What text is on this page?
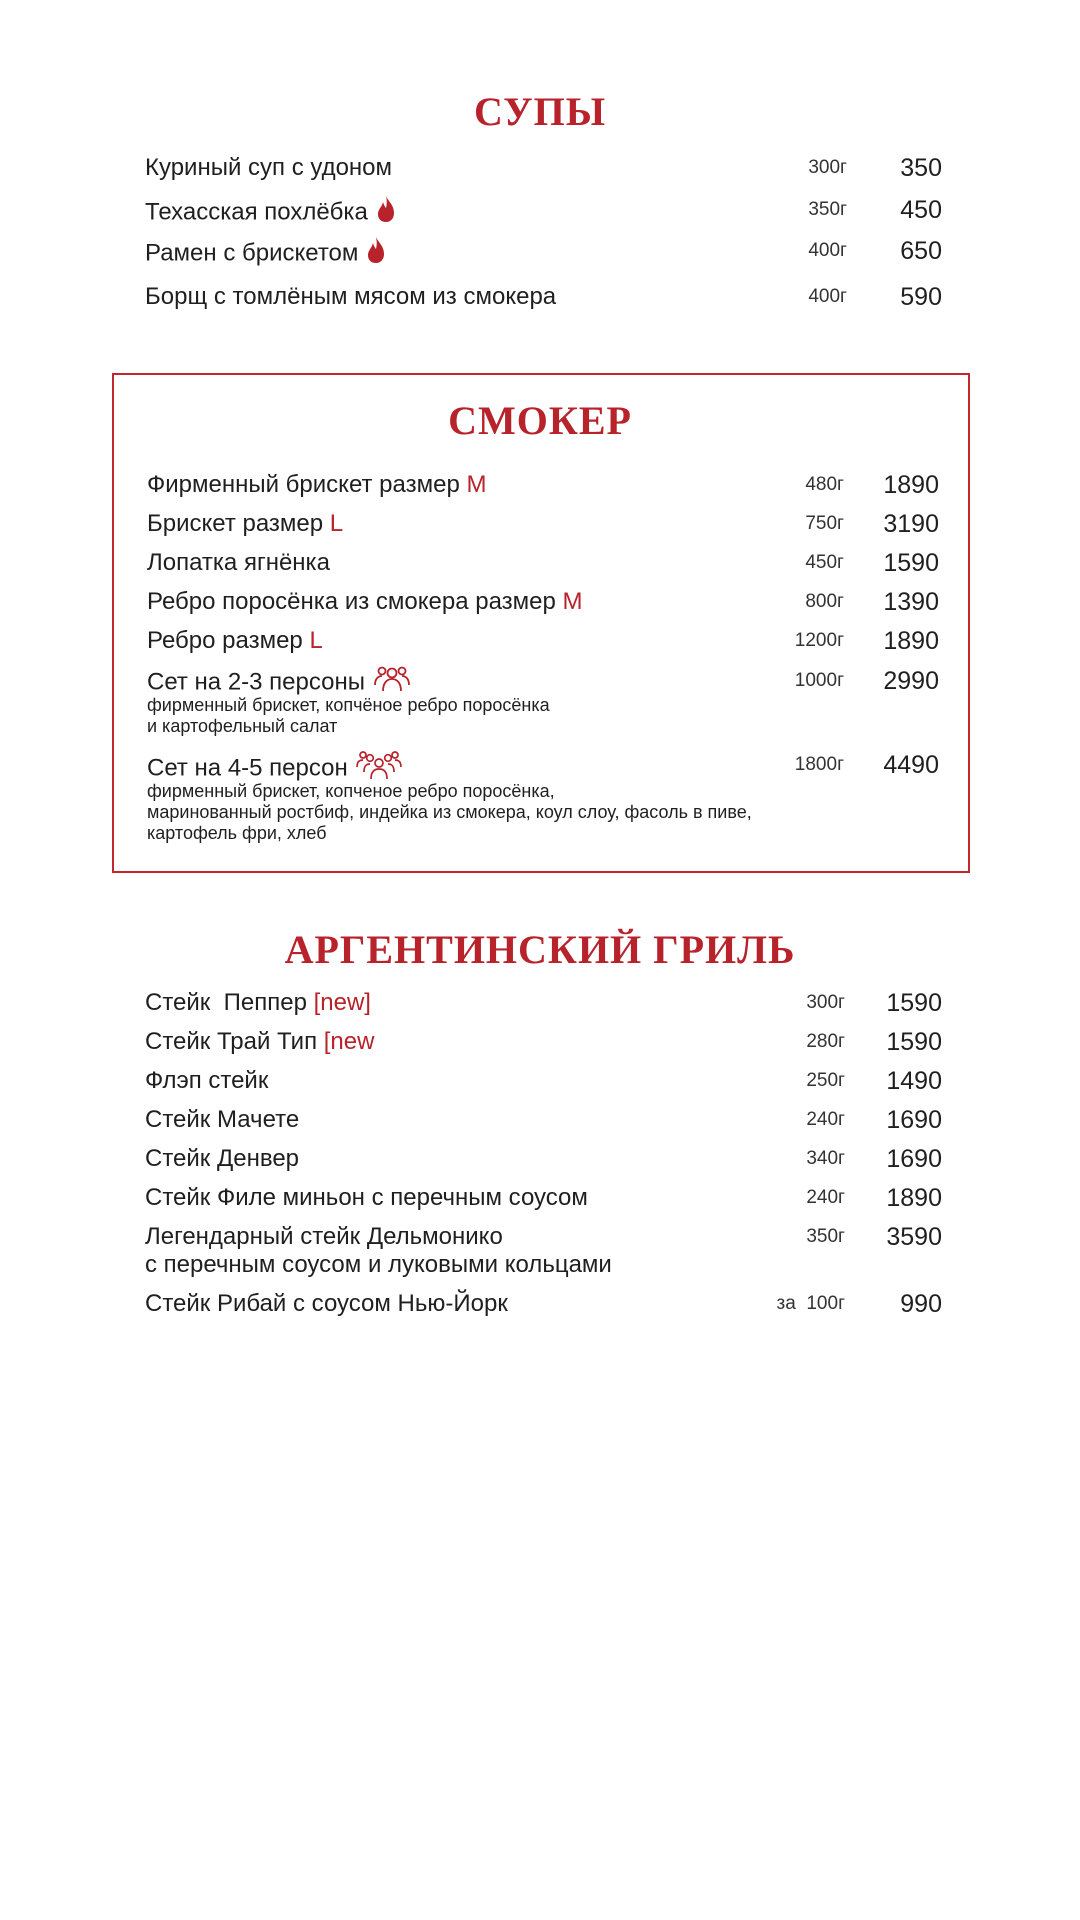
СУПЫ
Куриный суп с удоном	300г	350
Техасская похлёбка	350г	450
Рамен с брискетом	400г	650
Борщ с томлёным мясом из смокера	400г	590
СМОКЕР
Фирменный брискет размер M	480г	1890
Брискет размер L	750г	3190
Лопатка ягнёнка	450г	1590
Ребро поросёнка из смокера размер M	800г	1390
Ребро размер L	1200г	1890
Сет на 2-3 персоны	1000г	2990
фирменный брискет, копчёное ребро поросёнка
и картофельный салат
Сет на 4-5 персон	1800г	4490
фирменный брискет, копченое ребро поросёнка,
маринованный ростбиф, индейка из смокера, коул слоу, фасоль в пиве,
картофель фри, хлеб
АРГЕНТИНСКИЙ ГРИЛЬ
Стейк  Пеппер [new]	300г	1590
Стейк Трай Тип [new	280г	1590
Флэп стейк	250г	1490
Стейк Мачете	240г	1690
Стейк Денвер	340г	1690
Стейк Филе миньон с перечным соусом	240г	1890
Легендарный стейк Дельмонико	350г	3590
с перечным соусом и луковыми кольцами
Стейк Рибай с соусом Нью-Йорк	за  100г	990
